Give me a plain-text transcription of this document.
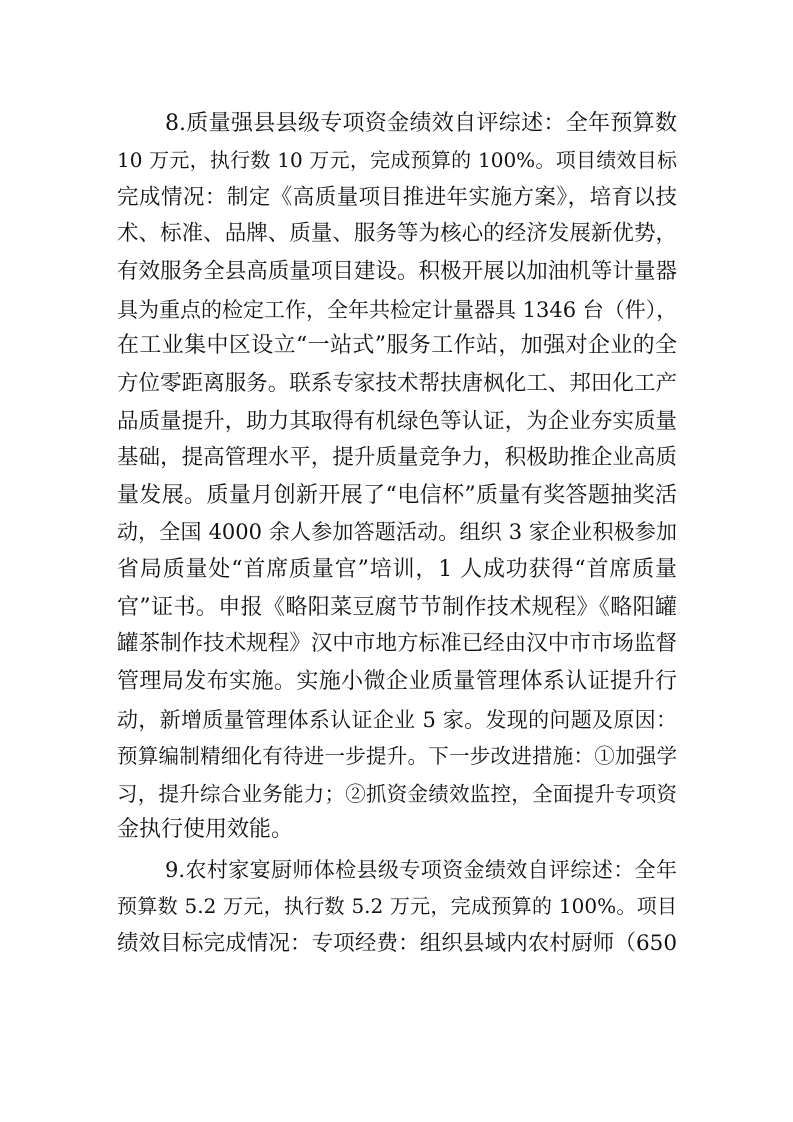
8.质量强县县级专项资金绩效自评综述：全年预算数
10 万元，执行数 10 万元，完成预算的 100%。项目绩效目标
完成情况：制定《高质量项目推进年实施方案》，培育以技
术、标准、品牌、质量、服务等为核心的经济发展新优势，
有效服务全县高质量项目建设。积极开展以加油机等计量器
具为重点的检定工作，全年共检定计量器具 1346 台（件），
在工业集中区设立“一站式”服务工作站，加强对企业的全
方位零距离服务。联系专家技术帮扶唐枫化工、邦田化工产
品质量提升，助力其取得有机绿色等认证，为企业夯实质量
基础，提高管理水平，提升质量竞争力，积极助推企业高质
量发展。质量月创新开展了“电信杯”质量有奖答题抽奖活
动，全国 4000 余人参加答题活动。组织 3 家企业积极参加
省局质量处“首席质量官”培训，1 人成功获得“首席质量
官”证书。申报《略阳菜豆腐节节制作技术规程》《略阳罐
罐茶制作技术规程》汉中市地方标准已经由汉中市市场监督
管理局发布实施。实施小微企业质量管理体系认证提升行
动，新增质量管理体系认证企业 5 家。发现的问题及原因：
预算编制精细化有待进一步提升。下一步改进措施：①加强学
习，提升综合业务能力；②抓资金绩效监控，全面提升专项资
金执行使用效能。
9.农村家宴厨师体检县级专项资金绩效自评综述：全年
预算数 5.2 万元，执行数 5.2 万元，完成预算的 100%。项目
绩效目标完成情况：专项经费：组织县域内农村厨师（650
